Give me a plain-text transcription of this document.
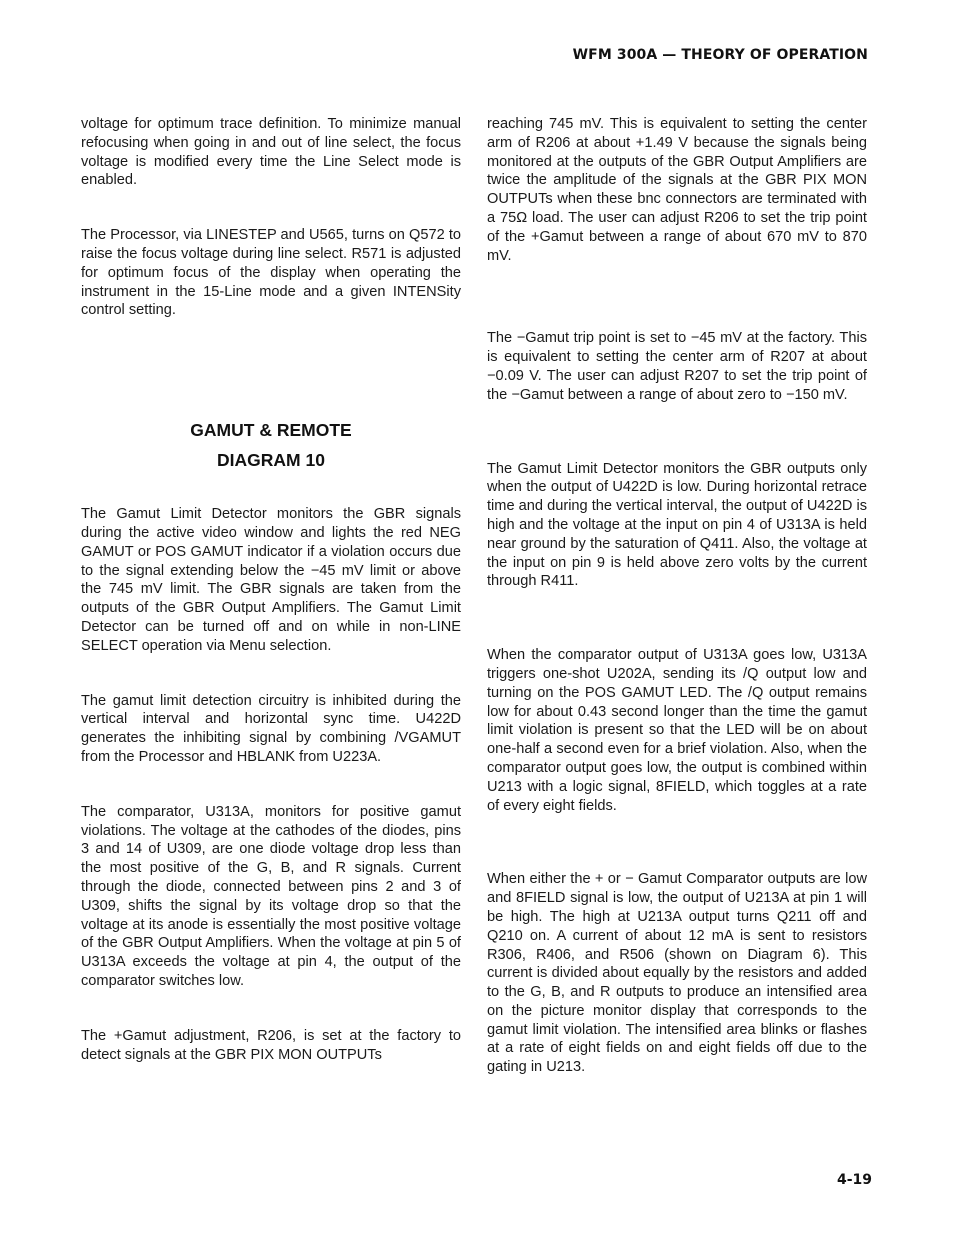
WFM 300A — THEORY OF OPERATION

voltage for optimum trace definition. To minimize manual refocusing when going in and out of line select, the focus voltage is modified every time the Line Select mode is enabled.

The Processor, via LINESTEP and U565, turns on Q572 to raise the focus voltage during line select. R571 is adjusted for optimum focus of the display when operating the instrument in the 15-Line mode and a given INTENSity control setting.

GAMUT & REMOTE

DIAGRAM 10

The Gamut Limit Detector monitors the GBR signals during the active video window and lights the red NEG GAMUT or POS GAMUT indicator if a violation occurs due to the signal extending below the −45 mV limit or above the 745 mV limit. The GBR signals are taken from the outputs of the GBR Output Amplifiers. The Gamut Limit Detector can be turned off and on while in non-LINE SELECT operation via Menu selection.

The gamut limit detection circuitry is inhibited during the vertical interval and horizontal sync time. U422D generates the inhibiting signal by combining /VGAMUT from the Processor and HBLANK from U223A.

The comparator, U313A, monitors for positive gamut violations. The voltage at the cathodes of the diodes, pins 3 and 14 of U309, are one diode voltage drop less than the most positive of the G, B, and R signals. Current through the diode, connected between pins 2 and 3 of U309, shifts the signal by its voltage drop so that the voltage at its anode is essentially the most positive voltage of the GBR Output Amplifiers. When the voltage at pin 5 of U313A exceeds the voltage at pin 4, the output of the comparator switches low.

The +Gamut adjustment, R206, is set at the factory to detect signals at the GBR PIX MON OUTPUTs

reaching 745 mV. This is equivalent to setting the center arm of R206 at about +1.49 V because the signals being monitored at the outputs of the GBR Output Amplifiers are twice the amplitude of the signals at the GBR PIX MON OUTPUTs when these bnc connectors are terminated with a 75Ω load. The user can adjust R206 to set the trip point of the +Gamut between a range of about 670 mV to 870 mV.

The −Gamut trip point is set to −45 mV at the factory. This is equivalent to setting the center arm of R207 at about −0.09 V. The user can adjust R207 to set the trip point of the −Gamut between a range of about zero to −150 mV.

The Gamut Limit Detector monitors the GBR outputs only when the output of U422D is low. During horizontal retrace time and during the vertical interval, the output of U422D is high and the voltage at the input on pin 4 of U313A is held near ground by the saturation of Q411. Also, the voltage at the input on pin 9 is held above zero volts by the current through R411.

When the comparator output of U313A goes low, U313A triggers one-shot U202A, sending its /Q output low and turning on the POS GAMUT LED. The /Q output remains low for about 0.43 second longer than the time the gamut limit violation is present so that the LED will be on about one-half a second even for a brief violation. Also, when the comparator output goes low, the output is combined within U213 with a logic signal, 8FIELD, which toggles at a rate of every eight fields.

When either the + or − Gamut Comparator outputs are low and 8FIELD signal is low, the output of U213A at pin 1 will be high. The high at U213A output turns Q211 off and Q210 on. A current of about 12 mA is sent to resistors R306, R406, and R506 (shown on Diagram 6). This current is divided about equally by the resistors and added to the G, B, and R outputs to produce an intensified area on the picture monitor display that corresponds to the gamut limit violation. The intensified area blinks or flashes at a rate of eight fields on and eight fields off due to the gating in U213.

4-19
